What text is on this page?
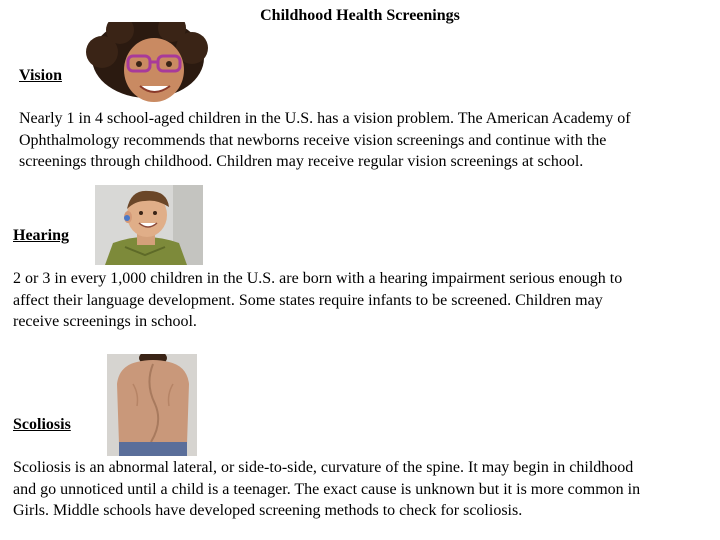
Childhood Health Screenings
Vision
Nearly 1 in 4 school-aged children in the U.S. has a vision problem. The American Academy of
Ophthalmology recommends that newborns receive vision screenings and continue with the
screenings through childhood. Children may receive regular vision screenings at school.
Hearing
2 or 3 in every 1,000 children in the U.S. are born with a hearing impairment serious enough to
affect their language development. Some states require infants to be screened. Children may
receive screenings in school.
Scoliosis
Scoliosis is an abnormal lateral, or side-to-side, curvature of the spine. It may begin in childhood
and go unnoticed until a child is a teenager. The exact cause is unknown but it is more common in
Girls. Middle schools have developed screening methods to check for scoliosis.
